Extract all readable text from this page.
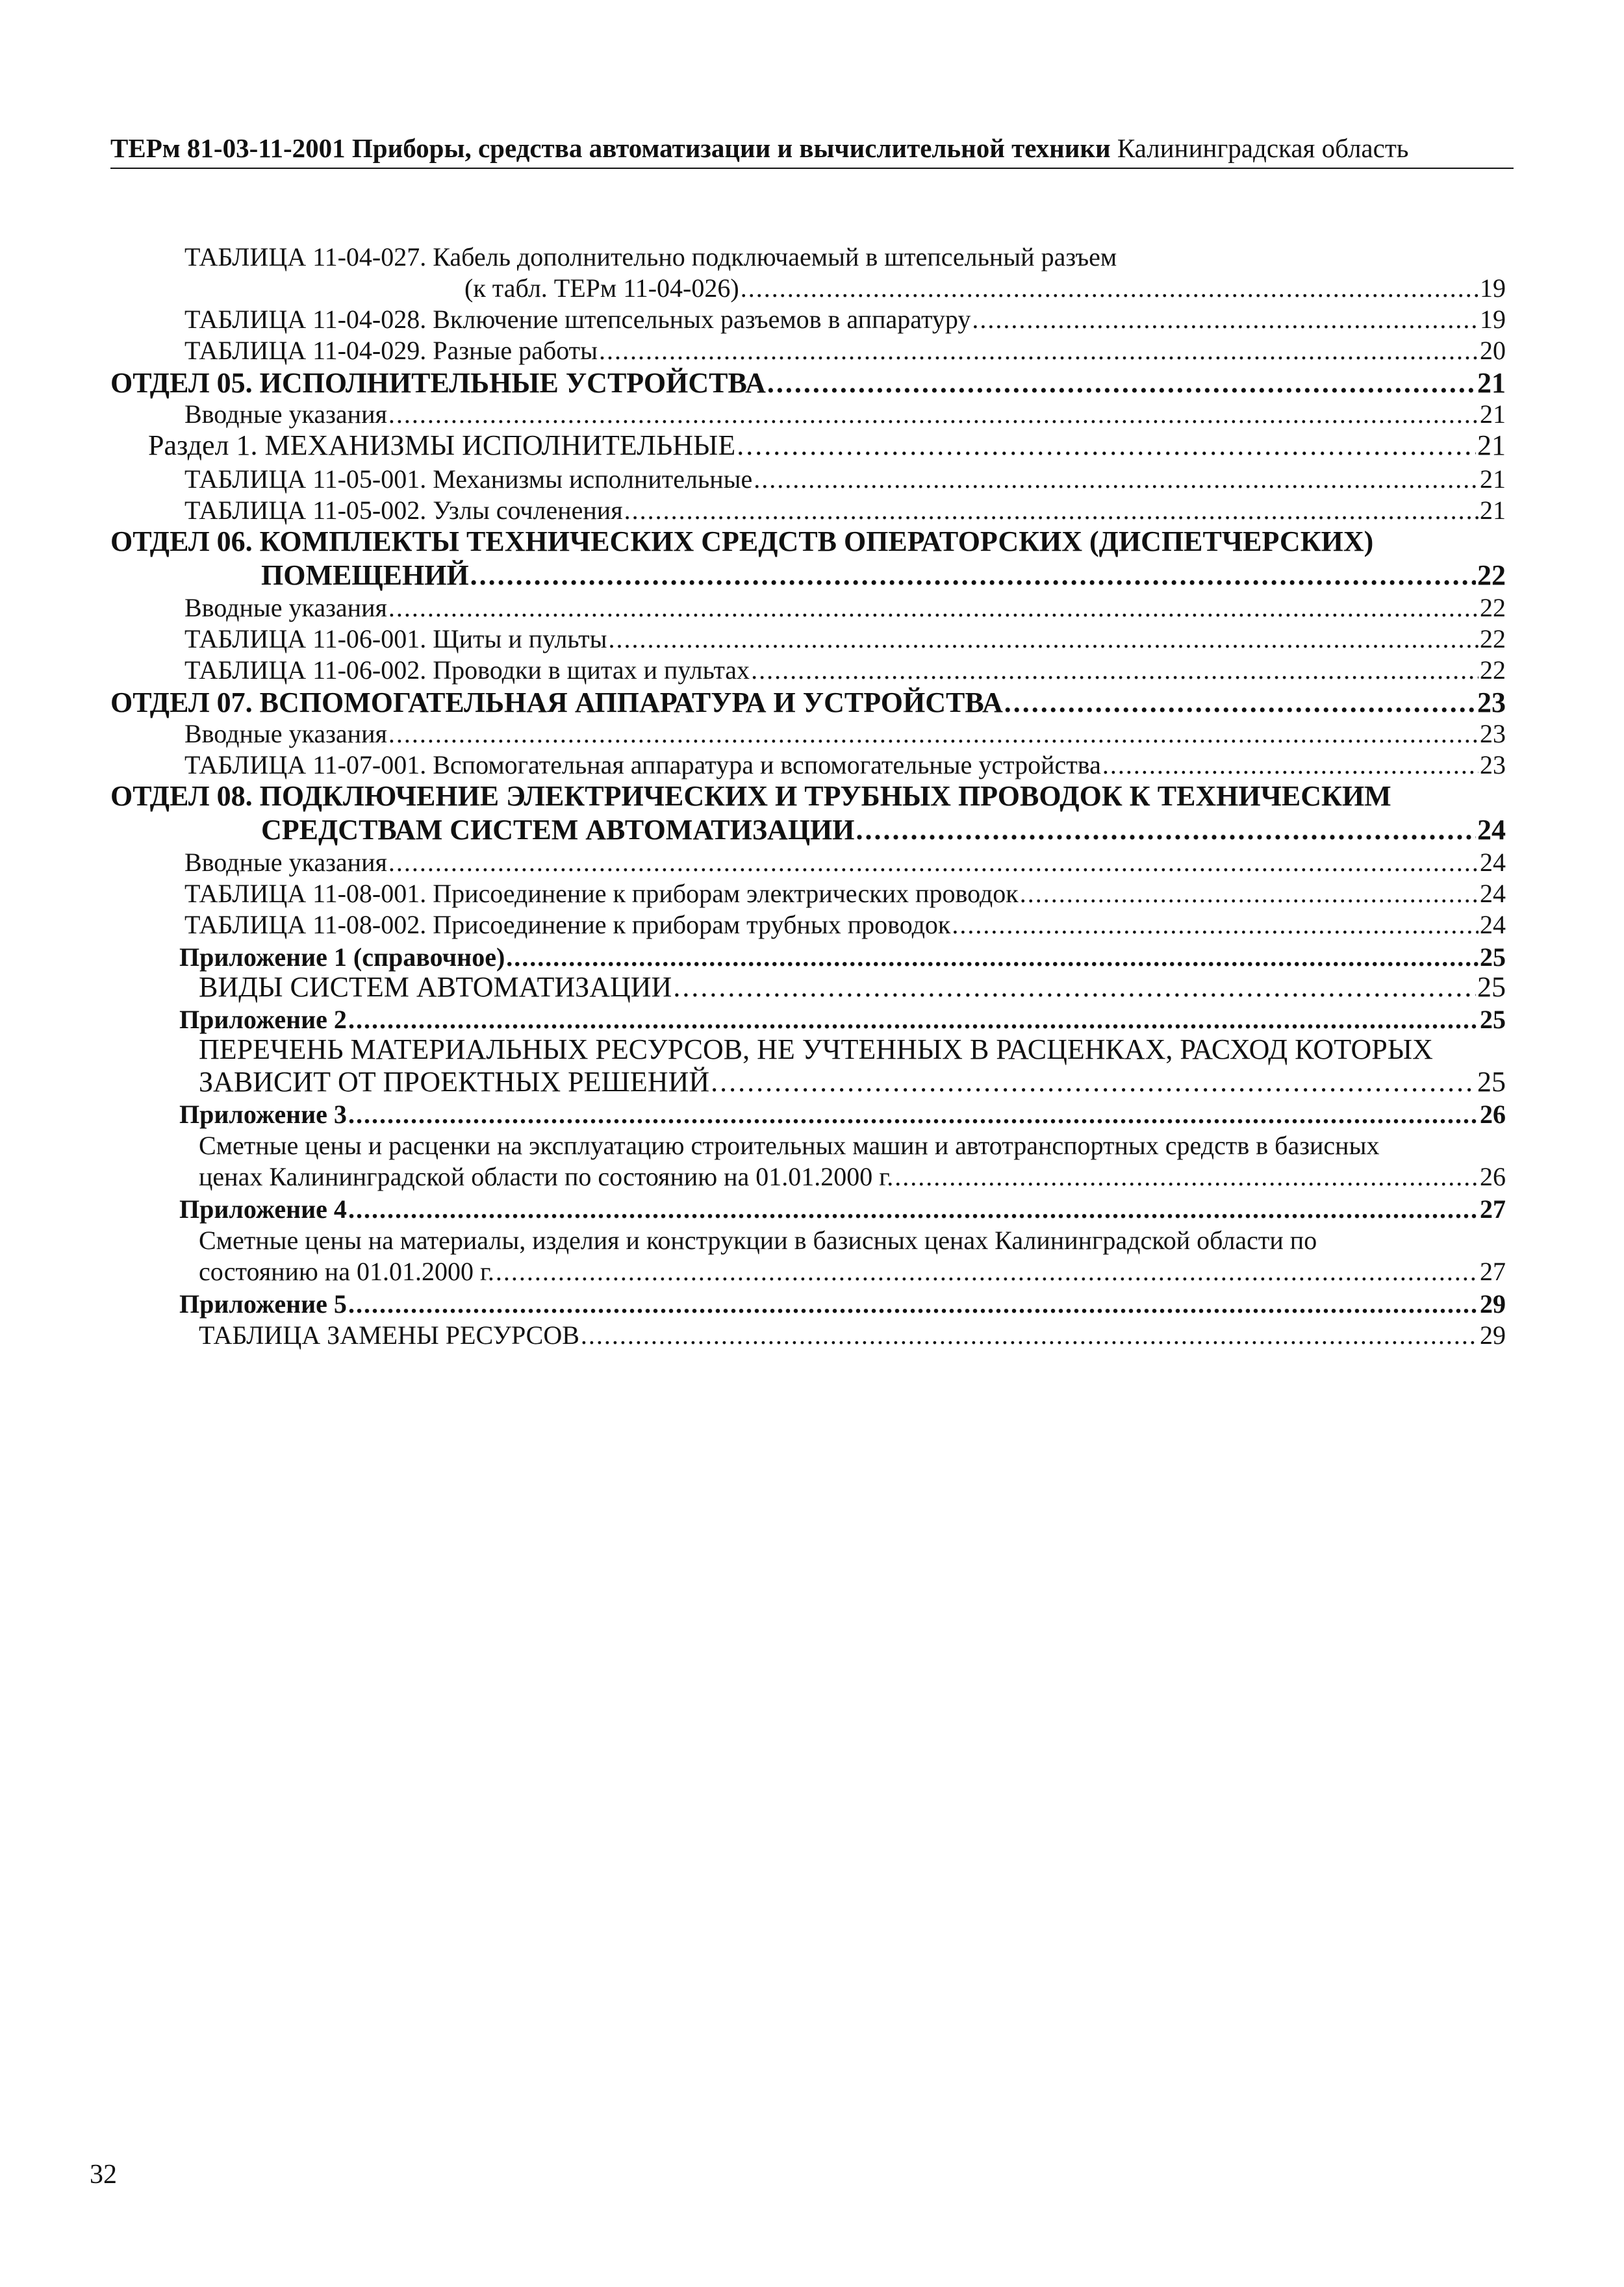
ТЕРм 81-03-11-2001 Приборы, средства автоматизации и вычислительной техники Калининградская область
ТАБЛИЦА 11-04-027. Кабель дополнительно подключаемый в штепсельный разъем
(к табл. ТЕРм 11-04-026) . . .	19
ТАБЛИЦА 11-04-028. Включение штепсельных разъемов в аппаратуру . . .	19
ТАБЛИЦА 11-04-029. Разные работы . . .	20
ОТДЕЛ 05. ИСПОЛНИТЕЛЬНЫЕ УСТРОЙСТВА . . .	21
Вводные указания . . .	21
Раздел 1. МЕХАНИЗМЫ ИСПОЛНИТЕЛЬНЫЕ . . .	21
ТАБЛИЦА 11-05-001. Механизмы исполнительные . . .	21
ТАБЛИЦА 11-05-002. Узлы сочленения . . .	21
ОТДЕЛ 06. КОМПЛЕКТЫ ТЕХНИЧЕСКИХ СРЕДСТВ ОПЕРАТОРСКИХ (ДИСПЕТЧЕРСКИХ)
ПОМЕЩЕНИЙ . . .	22
Вводные указания . . .	22
ТАБЛИЦА 11-06-001. Щиты и пульты . . .	22
ТАБЛИЦА 11-06-002. Проводки в щитах и пультах . . .	22
ОТДЕЛ 07. ВСПОМОГАТЕЛЬНАЯ АППАРАТУРА И УСТРОЙСТВА . . .	23
Вводные указания . . .	23
ТАБЛИЦА 11-07-001. Вспомогательная аппаратура и вспомогательные устройства . . .	23
ОТДЕЛ 08. ПОДКЛЮЧЕНИЕ ЭЛЕКТРИЧЕСКИХ И ТРУБНЫХ ПРОВОДОК К ТЕХНИЧЕСКИМ
СРЕДСТВАМ СИСТЕМ АВТОМАТИЗАЦИИ . . .	24
Вводные указания . . .	24
ТАБЛИЦА 11-08-001. Присоединение к приборам электрических проводок . . .	24
ТАБЛИЦА 11-08-002. Присоединение к приборам трубных проводок . . .	24
Приложение 1 (справочное) . . .	25
ВИДЫ СИСТЕМ АВТОМАТИЗАЦИИ . . .	25
Приложение 2 . . .	25
ПЕРЕЧЕНЬ МАТЕРИАЛЬНЫХ РЕСУРСОВ, НЕ УЧТЕННЫХ В РАСЦЕНКАХ, РАСХОД КОТОРЫХ
ЗАВИСИТ ОТ ПРОЕКТНЫХ РЕШЕНИЙ . . .	25
Приложение 3 . . .	26
Сметные цены и расценки на эксплуатацию строительных машин и автотранспортных средств в базисных
ценах Калининградской области по состоянию на 01.01.2000 г. . . .	26
Приложение 4 . . .	27
Сметные цены на материалы, изделия и конструкции в базисных ценах Калининградской области по
состоянию на 01.01.2000 г. . . .	27
Приложение 5 . . .	29
ТАБЛИЦА ЗАМЕНЫ РЕСУРСОВ . . .	29
32
